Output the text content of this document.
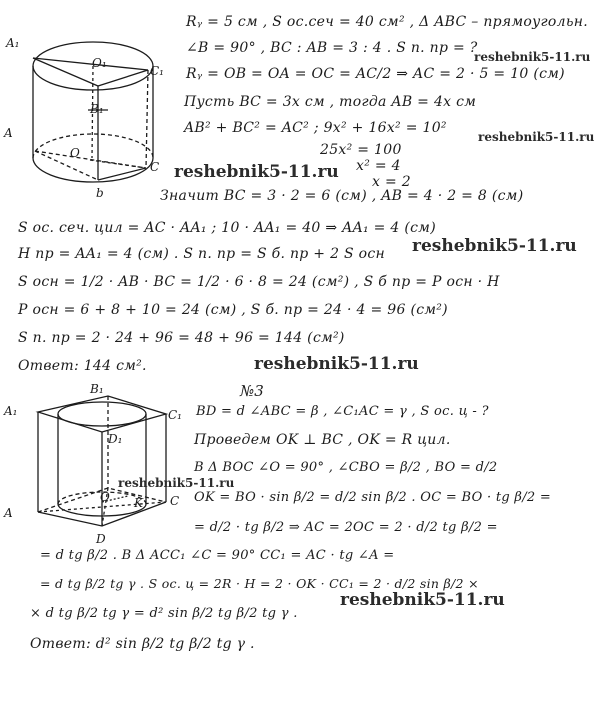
A₁
O₁
C₁
B₁
A
O
C
b
Rᵧ = 5 см , S ос.сеч = 40 см² , Δ ABC – прямоугольн.
∠B = 90° , BC : AB = 3 : 4 . S п. пр = ?
Rᵧ = OB = OA = OC = AC/2 ⇒ AC = 2 · 5 = 10 (см)
Пусть BC = 3x см , тогда AB = 4x см
AB² + BC² = AC² ; 9x² + 16x² = 10²
25x² = 100
x² = 4
x = 2
Значит BC = 3 · 2 = 6 (см) , AB = 4 · 2 = 8 (см)
S ос. сеч. цил = AC · AA₁ ; 10 · AA₁ = 40 ⇒ AA₁ = 4 (см)
H пр = AA₁ = 4 (см) . S п. пр = S б. пр + 2 S осн
S осн = 1/2 · AB · BC = 1/2 · 6 · 8 = 24 (см²) , S б пр = P осн · H
P осн = 6 + 8 + 10 = 24 (см) , S б. пр = 24 · 4 = 96 (см²)
S п. пр = 2 · 24 + 96 = 48 + 96 = 144 (см²)
Ответ: 144 см².
№3
B₁
A₁	C₁
D₁
O	C
K
A
D
BD = d ∠ABC = β , ∠C₁AC = γ , S ос. ц - ?
Проведем OK ⊥ BC , OK = R цил.
В Δ BOC ∠O = 90° , ∠CBO = β/2 , BO = d/2
OK = BO · sin β/2 = d/2 sin β/2 . OC = BO · tg β/2 =
= d/2 · tg β/2 ⇒ AC = 2OC = 2 · d/2 tg β/2 =
= d tg β/2 . В Δ ACC₁ ∠C = 90° CC₁ = AC · tg ∠A =
= d tg β/2 tg γ . S ос. ц = 2R · H = 2 · OK · CC₁ = 2 · d/2 sin β/2 ×
× d tg β/2 tg γ = d² sin β/2 tg β/2 tg γ .
Ответ: d² sin β/2 tg β/2 tg γ .
reshebnik5-11.ru
reshebnik5-11.ru
reshebnik5-11.ru
reshebnik5-11.ru
reshebnik5-11.ru
reshebnik5-11.ru
reshebnik5-11.ru
